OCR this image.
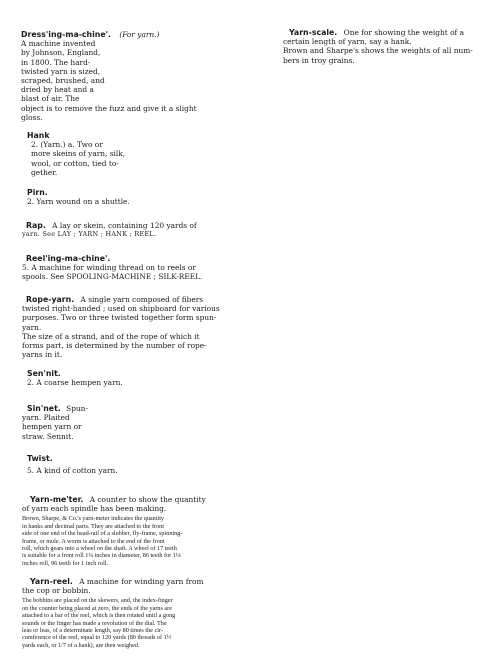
Dress'ing-ma-chine'. (For yarn.)
A machine invented
by Johnson, England,
in 1800. The hard-
twisted yarn is sized,
scraped, brushed, and
dried by heat and a
blast of air. The
object is to remove the fuzz and give it a slight
gloss.
Hank
2. (Yarn.) a. Two or
more skeins of yarn, silk,
wool, or cotton, tied to-
gether.
Pirn.
2. Yarn wound on a shuttle.
Rap. A lay or skein, containing 120 yards of
yarn. See LAY ; YARN ; HANK ; REEL.
Reel'ing-ma-chine'.
5. A machine for winding thread on to reels or
spools. See SPOOLING-MACHINE ; SILK-REEL.
Rope-yarn. A single yarn composed of fibers
twisted right-handed ; used on shipboard for various
purposes. Two or three twisted together form spun-
yarn.
The size of a strand, and of the rope of which it
forms part, is determined by the number of rope-
yarns in it.
Sen'nit.
2. A coarse hempen yarn.
Sin'net. Spun-
yarn. Plaited
hempen yarn or
straw. Sennit.
Twist.
5. A kind of cotton yarn.
Yarn-me'ter. A counter to show the quantity
of yarn each spindle has been making.
Brown, Sharpe, & Co.'s yarn-meter indicates the quantity
in hanks and decimal parts. They are attached to the front
side of one end of the head-rail of a slubber, fly-frame, spinning-
frame, or mule. A worm is attached to the end of the front
roll, which gears into a wheel on the shaft. A wheel of 17 teeth
is suitable for a front roll 1¼ inches in diameter, 86 teeth for 1⅛
inches roll, 96 teeth for 1 inch roll.
Yarn-reel. A machine for winding yarn from
the cop or bobbin.
The bobbins are placed on the skewers, and, the index-finger
on the counter being placed at zero, the ends of the yarns are
attached to a bar of the reel, which is then rotated until a gong
sounds or the finger has made a revolution of the dial. The
leas or leas, of a determinate length, say 80 times the cir-
cumference of the reel, equal to 120 yards (80 threads of 1½
yards each, or 1/7 of a hank), are then weighed.
Yarn-scale. One for showing the weight of a
certain length of yarn, say a hank.
Brown and Sharpe's shows the weights of all num-
bers in troy grains.
